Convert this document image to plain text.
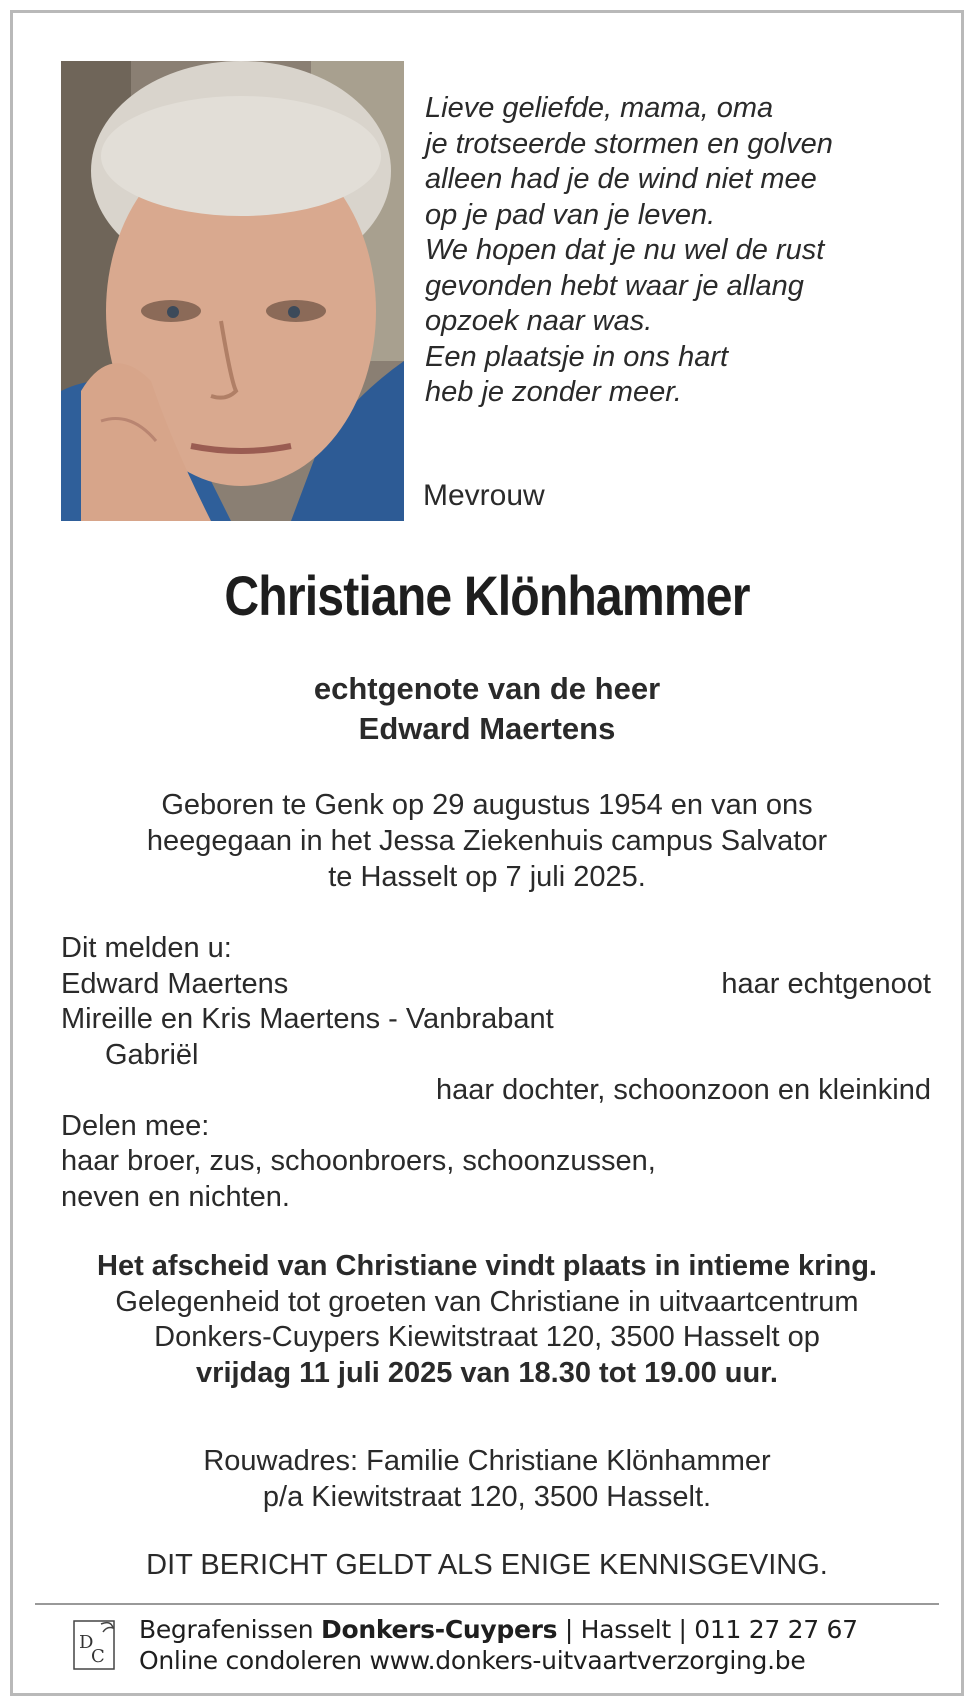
Lieve geliefde, mama, oma
je trotseerde stormen en golven
alleen had je de wind niet mee
op je pad van je leven.
We hopen dat je nu wel de rust
gevonden hebt waar je allang
opzoek naar was.
Een plaatsje in ons hart
heb je zonder meer.
Mevrouw
Christiane Klönhammer
echtgenote van de heer
Edward Maertens
Geboren te Genk op 29 augustus 1954 en van ons
heegegaan in het Jessa Ziekenhuis campus Salvator
te Hasselt op 7 juli 2025.
Dit melden u:
Edward Maertens	haar echtgenoot
Mireille en Kris Maertens - Vanbrabant
Gabriël
haar dochter, schoonzoon en kleinkind
Delen mee:
haar broer, zus, schoonbroers, schoonzussen,
neven en nichten.
Het afscheid van Christiane vindt plaats in intieme kring.
Gelegenheid tot groeten van Christiane in uitvaartcentrum
Donkers-Cuypers Kiewitstraat 120, 3500 Hasselt op
vrijdag 11 juli 2025 van 18.30 tot 19.00 uur.
Rouwadres: Familie Christiane Klönhammer
p/a Kiewitstraat 120, 3500 Hasselt.
DIT BERICHT GELDT ALS ENIGE KENNISGEVING.
D
C
Begrafenissen Donkers-Cuypers | Hasselt | 011 27 27 67
Online condoleren www.donkers-uitvaartverzorging.be
